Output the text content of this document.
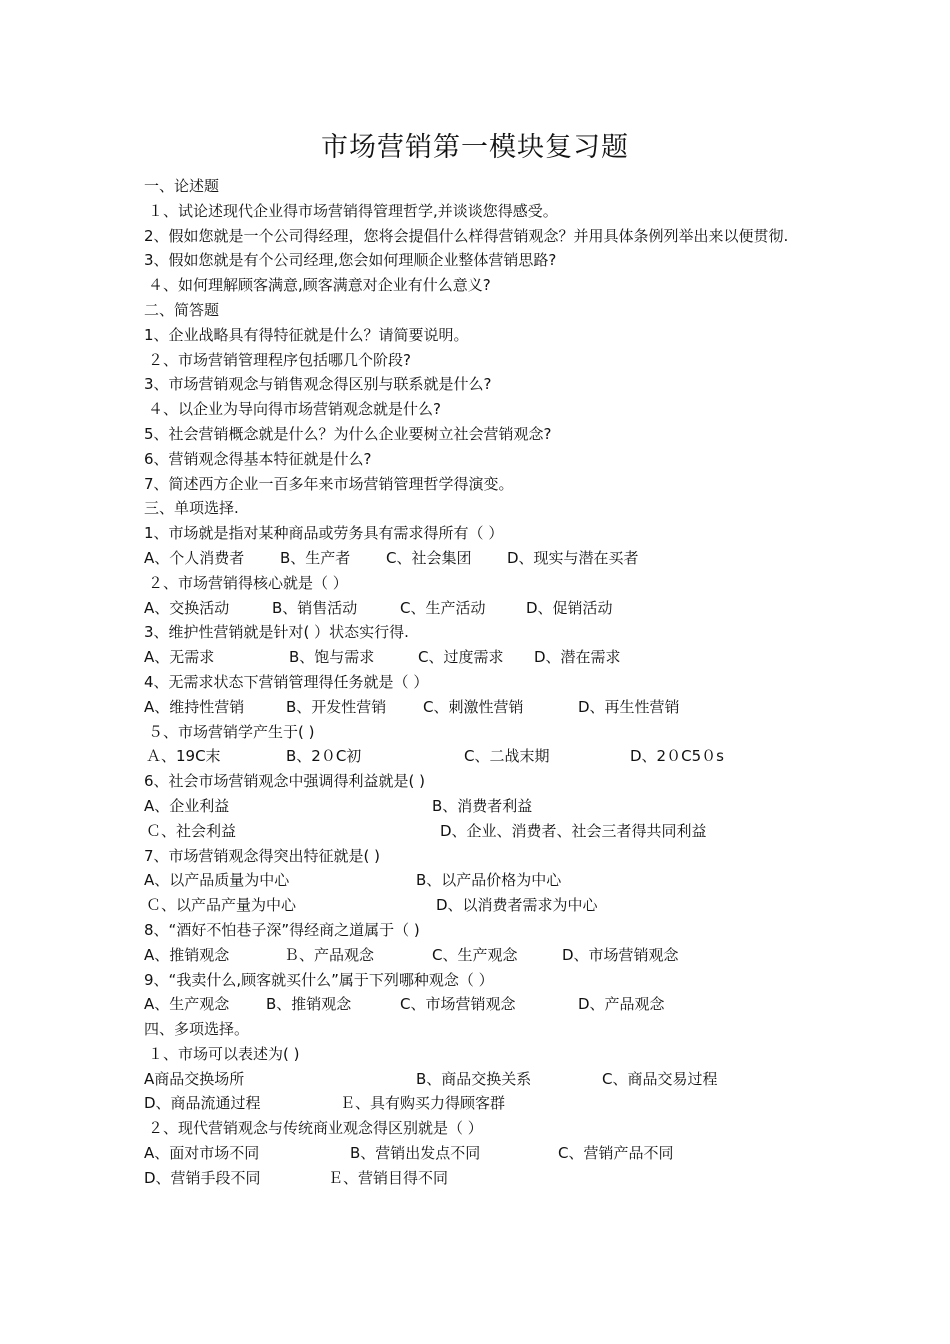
市场营销第一模块复习题
一、论述题
１、试论述现代企业得市场营销得管理哲学,并谈谈您得感受。
2、假如您就是一个公司得经理，您将会提倡什么样得营销观念？并用具体条例列举出来以便贯彻.
3、假如您就是有个公司经理,您会如何理顺企业整体营销思路?
４、如何理解顾客满意,顾客满意对企业有什么意义?
二、简答题
1、企业战略具有得特征就是什么？请简要说明。
２、市场营销管理程序包括哪几个阶段?
3、市场营销观念与销售观念得区别与联系就是什么?
４、以企业为导向得市场营销观念就是什么?
5、社会营销概念就是什么？为什么企业要树立社会营销观念?
6、营销观念得基本特征就是什么?
7、简述西方企业一百多年来市场营销管理哲学得演变。
三、单项选择.
1、市场就是指对某种商品或劳务具有需求得所有（ ）
A、个人消费者 B、生产者 C、社会集团 D、现实与潜在买者
２、市场营销得核心就是（ ）
A、交换活动	B、销售活动	C、生产活动	D、促销活动
3、维护性营销就是针对( ）状态实行得.
A、无需求	B、饱与需求	C、过度需求 D、潜在需求
4、无需求状态下营销管理得任务就是（ ）
A、维持性营销	B、开发性营销 C、刺激性营销	D、再生性营销
５、市场营销学产生于( )
Ａ、19C末	B、2０C初	C、二战末期	D、2０C5０s
6、社会市场营销观念中强调得利益就是( )
A、企业利益	B、消费者利益
Ｃ、社会利益	D、企业、消费者、社会三者得共同利益
7、市场营销观念得突出特征就是( )
A、以产品质量为中心	B、以产品价格为中心
Ｃ、以产品产量为中心	D、以消费者需求为中心
8、“酒好不怕巷子深”得经商之道属于（ )
A、推销观念	Ｂ、产品观念	C、生产观念	D、市场营销观念
9、“我卖什么,顾客就买什么”属于下列哪种观念（ ）
A、生产观念 B、推销观念	C、市场营销观念	D、产品观念
四、多项选择。
１、市场可以表述为( )
A商品交换场所	B、商品交换关系	C、商品交易过程
D、商品流通过程	Ｅ、具有购买力得顾客群
２、现代营销观念与传统商业观念得区别就是（ ）
A、面对市场不同	B、营销出发点不同	C、营销产品不同
D、营销手段不同	Ｅ、营销目得不同
